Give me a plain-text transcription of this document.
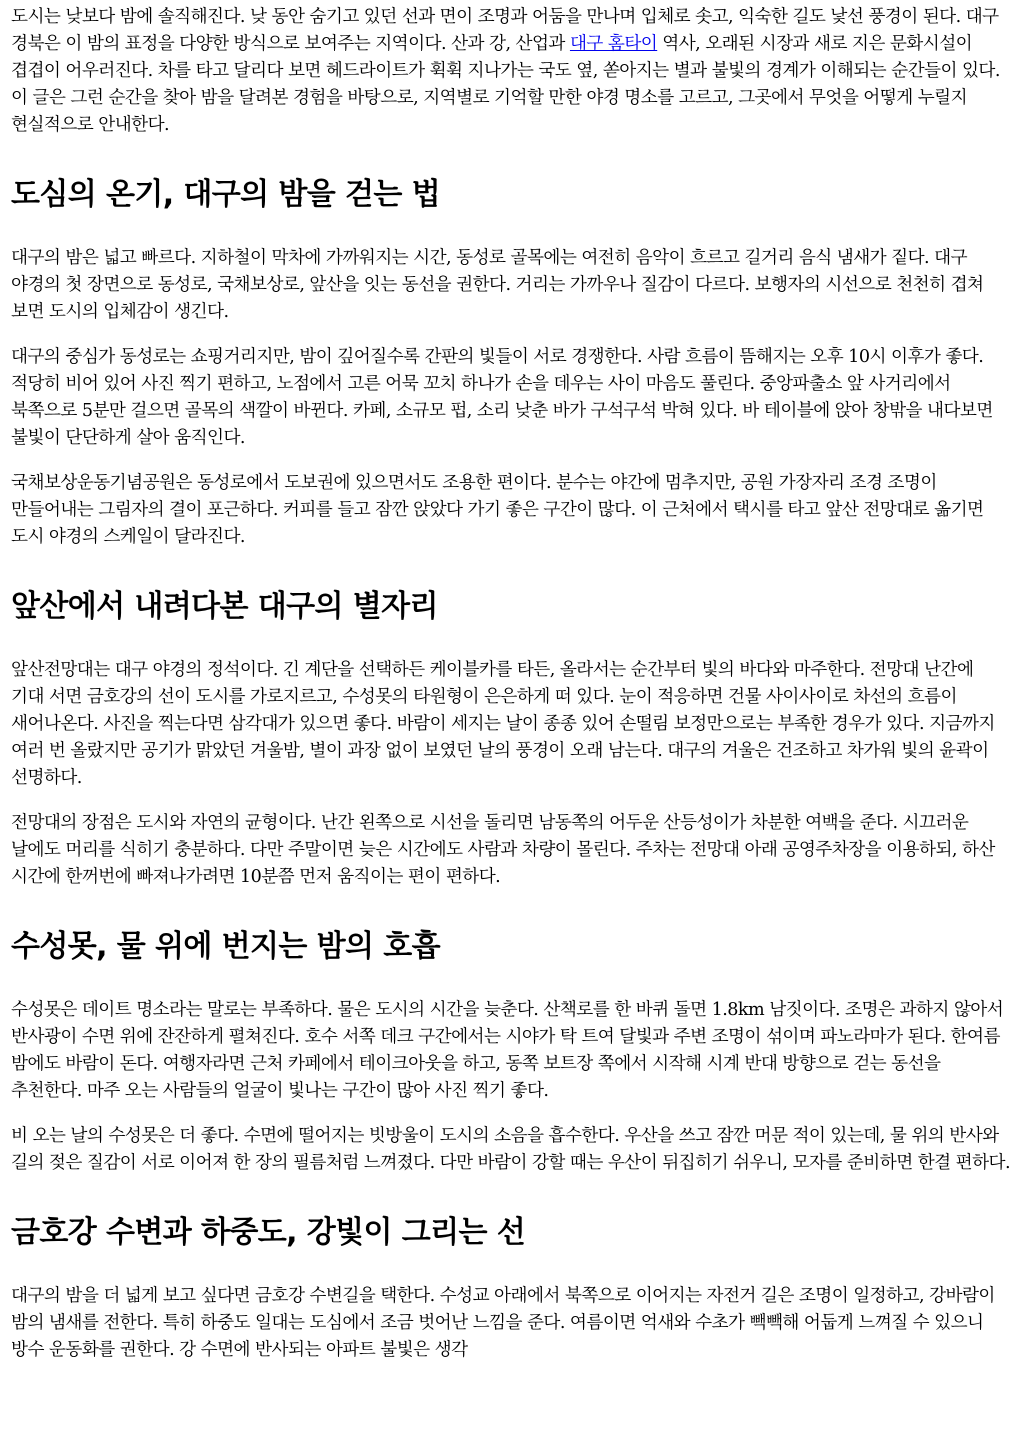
도시는 낮보다 밤에 솔직해진다. 낮 동안 숨기고 있던 선과 면이 조명과 어둠을 만나며 입체로 솟고, 익숙한 길도 낯선 풍경이 된다. 대구 경북은 이 밤의 표정을 다양한 방식으로 보여주는 지역이다. 산과 강, 산업과 대구 홈타이 역사, 오래된 시장과 새로 지은 문화시설이 겹겹이 어우러진다. 차를 타고 달리다 보면 헤드라이트가 휙휙 지나가는 국도 옆, 쏟아지는 별과 불빛의 경계가 이해되는 순간들이 있다. 이 글은 그런 순간을 찾아 밤을 달려본 경험을 바탕으로, 지역별로 기억할 만한 야경 명소를 고르고, 그곳에서 무엇을 어떻게 누릴지 현실적으로 안내한다.

도심의 온기, 대구의 밤을 걷는 법

대구의 밤은 넓고 빠르다. 지하철이 막차에 가까워지는 시간, 동성로 골목에는 여전히 음악이 흐르고 길거리 음식 냄새가 짙다. 대구 야경의 첫 장면으로 동성로, 국채보상로, 앞산을 잇는 동선을 권한다. 거리는 가까우나 질감이 다르다. 보행자의 시선으로 천천히 겹쳐 보면 도시의 입체감이 생긴다.

대구의 중심가 동성로는 쇼핑거리지만, 밤이 깊어질수록 간판의 빛들이 서로 경쟁한다. 사람 흐름이 뜸해지는 오후 10시 이후가 좋다. 적당히 비어 있어 사진 찍기 편하고, 노점에서 고른 어묵 꼬치 하나가 손을 데우는 사이 마음도 풀린다. 중앙파출소 앞 사거리에서 북쪽으로 5분만 걸으면 골목의 색깔이 바뀐다. 카페, 소규모 펍, 소리 낮춘 바가 구석구석 박혀 있다. 바 테이블에 앉아 창밖을 내다보면 불빛이 단단하게 살아 움직인다.

국채보상운동기념공원은 동성로에서 도보권에 있으면서도 조용한 편이다. 분수는 야간에 멈추지만, 공원 가장자리 조경 조명이 만들어내는 그림자의 결이 포근하다. 커피를 들고 잠깐 앉았다 가기 좋은 구간이 많다. 이 근처에서 택시를 타고 앞산 전망대로 옮기면 도시 야경의 스케일이 달라진다.

앞산에서 내려다본 대구의 별자리

앞산전망대는 대구 야경의 정석이다. 긴 계단을 선택하든 케이블카를 타든, 올라서는 순간부터 빛의 바다와 마주한다. 전망대 난간에 기대 서면 금호강의 선이 도시를 가로지르고, 수성못의 타원형이 은은하게 떠 있다. 눈이 적응하면 건물 사이사이로 차선의 흐름이 새어나온다. 사진을 찍는다면 삼각대가 있으면 좋다. 바람이 세지는 날이 종종 있어 손떨림 보정만으로는 부족한 경우가 있다. 지금까지 여러 번 올랐지만 공기가 맑았던 겨울밤, 별이 과장 없이 보였던 날의 풍경이 오래 남는다. 대구의 겨울은 건조하고 차가워 빛의 윤곽이 선명하다.

전망대의 장점은 도시와 자연의 균형이다. 난간 왼쪽으로 시선을 돌리면 남동쪽의 어두운 산등성이가 차분한 여백을 준다. 시끄러운 날에도 머리를 식히기 충분하다. 다만 주말이면 늦은 시간에도 사람과 차량이 몰린다. 주차는 전망대 아래 공영주차장을 이용하되, 하산 시간에 한꺼번에 빠져나가려면 10분쯤 먼저 움직이는 편이 편하다.

수성못, 물 위에 번지는 밤의 호흡

수성못은 데이트 명소라는 말로는 부족하다. 물은 도시의 시간을 늦춘다. 산책로를 한 바퀴 돌면 1.8km 남짓이다. 조명은 과하지 않아서 반사광이 수면 위에 잔잔하게 펼쳐진다. 호수 서쪽 데크 구간에서는 시야가 탁 트여 달빛과 주변 조명이 섞이며 파노라마가 된다. 한여름 밤에도 바람이 돈다. 여행자라면 근처 카페에서 테이크아웃을 하고, 동쪽 보트장 쪽에서 시작해 시계 반대 방향으로 걷는 동선을 추천한다. 마주 오는 사람들의 얼굴이 빛나는 구간이 많아 사진 찍기 좋다.

비 오는 날의 수성못은 더 좋다. 수면에 떨어지는 빗방울이 도시의 소음을 흡수한다. 우산을 쓰고 잠깐 머문 적이 있는데, 물 위의 반사와 길의 젖은 질감이 서로 이어져 한 장의 필름처럼 느껴졌다. 다만 바람이 강할 때는 우산이 뒤집히기 쉬우니, 모자를 준비하면 한결 편하다.

금호강 수변과 하중도, 강빛이 그리는 선

대구의 밤을 더 넓게 보고 싶다면 금호강 수변길을 택한다. 수성교 아래에서 북쪽으로 이어지는 자전거 길은 조명이 일정하고, 강바람이 밤의 냄새를 전한다. 특히 하중도 일대는 도심에서 조금 벗어난 느낌을 준다. 여름이면 억새와 수초가 빽빽해 어둡게 느껴질 수 있으니 방수 운동화를 권한다. 강 수면에 반사되는 아파트 불빛은 생각
